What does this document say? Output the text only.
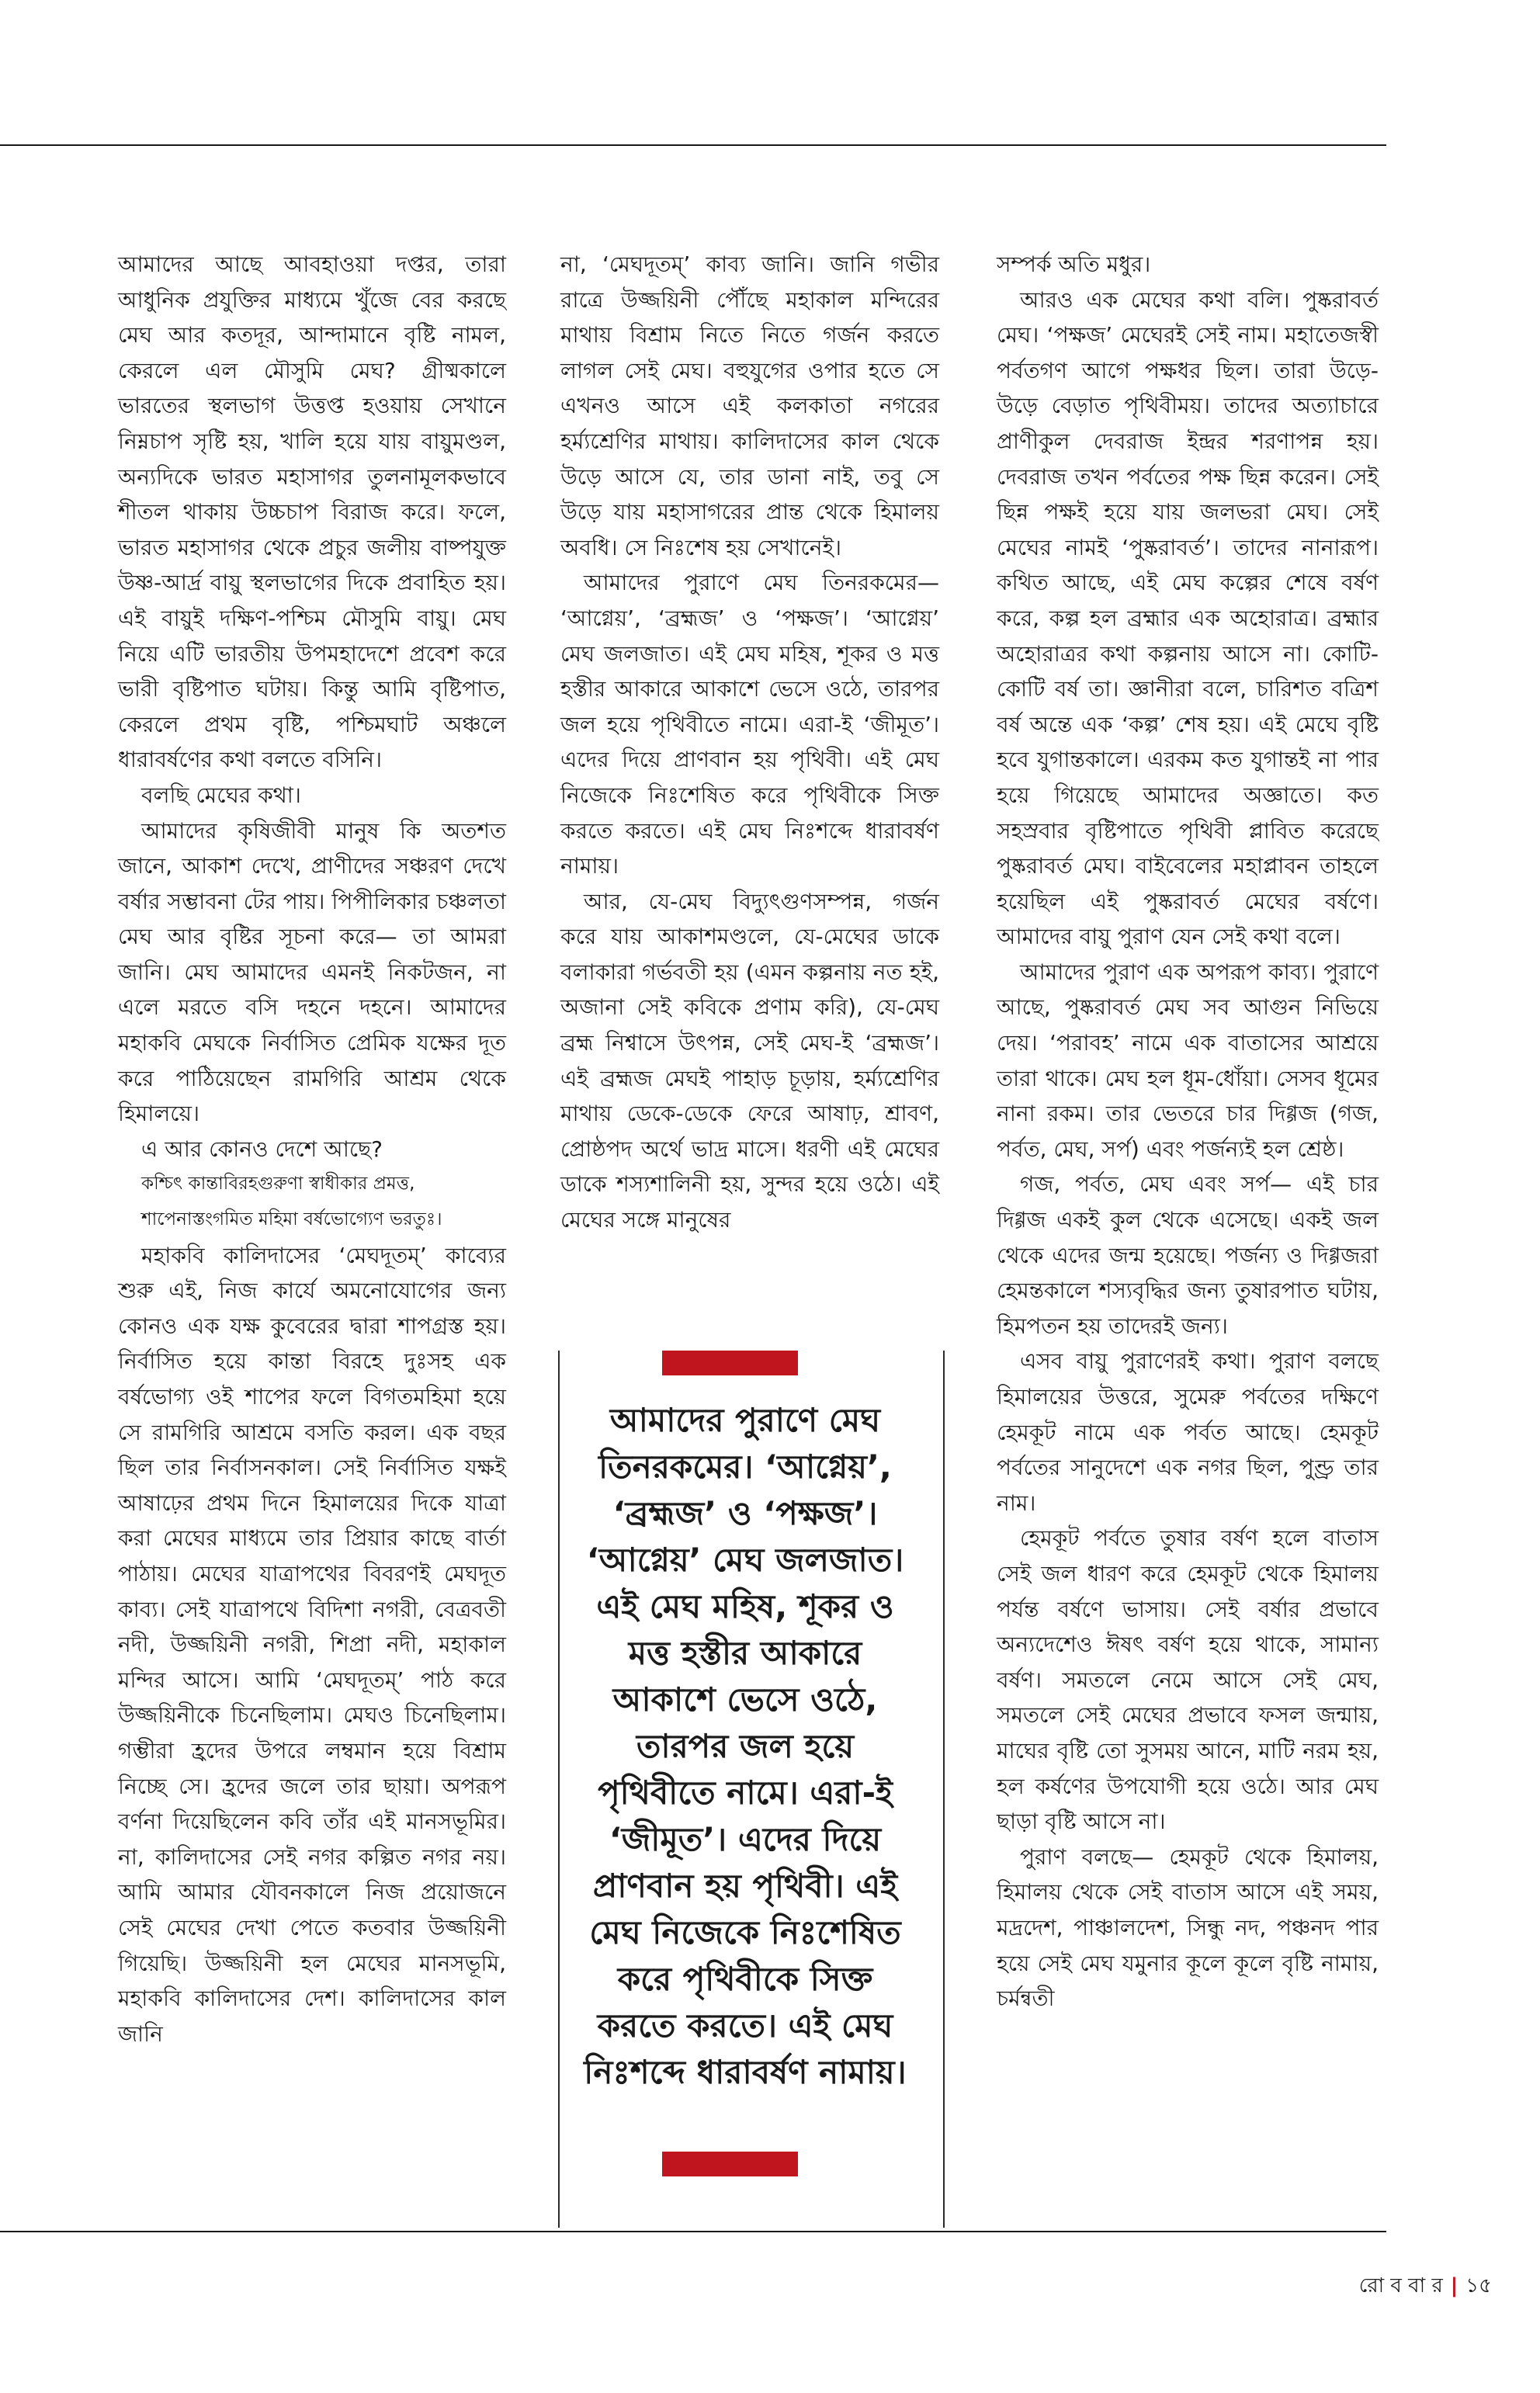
আমাদের আছে আবহাওয়া দপ্তর, তারা আধুনিক প্রযুক্তির মাধ্যমে খুঁজে বের করছে মেঘ আর কতদূর, আন্দামানে বৃষ্টি নামল, কেরলে এল মৌসুমি মেঘ? গ্রীষ্মকালে ভারতের স্থলভাগ উত্তপ্ত হওয়ায় সেখানে নিম্নচাপ সৃষ্টি হয়, খালি হয়ে যায় বায়ুমণ্ডল, অন্যদিকে ভারত মহাসাগর তুলনামূলকভাবে শীতল থাকায় উচ্চচাপ বিরাজ করে। ফলে, ভারত মহাসাগর থেকে প্রচুর জলীয় বাষ্পযুক্ত উষ্ণ-আর্দ্র বায়ু স্থলভাগের দিকে প্রবাহিত হয়। এই বায়ুই দক্ষিণ-পশ্চিম মৌসুমি বায়ু। মেঘ নিয়ে এটি ভারতীয় উপমহাদেশে প্রবেশ করে ভারী বৃষ্টিপাত ঘটায়। কিন্তু আমি বৃষ্টিপাত, কেরলে প্রথম বৃষ্টি, পশ্চিমঘাট অঞ্চলে ধারাবর্ষণের কথা বলতে বসিনি।

বলছি মেঘের কথা।

আমাদের কৃষিজীবী মানুষ কি অতশত জানে, আকাশ দেখে, প্রাণীদের সঞ্চরণ দেখে বর্ষার সম্ভাবনা টের পায়। পিপীলিকার চঞ্চলতা মেঘ আর বৃষ্টির সূচনা করে— তা আমরা জানি। মেঘ আমাদের এমনই নিকটজন, না এলে মরতে বসি দহনে দহনে। আমাদের মহাকবি মেঘকে নির্বাসিত প্রেমিক যক্ষের দূত করে পাঠিয়েছেন রামগিরি আশ্রম থেকে হিমালয়ে।

এ আর কোনও দেশে আছে?

কশ্চিৎ কান্তাবিরহগুরুণা স্বাধীকার প্রমত্ত,

শাপেনাস্তংগমিত মহিমা বর্ষভোগ্যেণ ভরতুঃ।

মহাকবি কালিদাসের ‘মেঘদূতম্’ কাব্যের শুরু এই, নিজ কার্যে অমনোযোগের জন্য কোনও এক যক্ষ কুবেরের দ্বারা শাপগ্রস্ত হয়। নির্বাসিত হয়ে কান্তা বিরহে দুঃসহ এক বর্ষভোগ্য ওই শাপের ফলে বিগতমহিমা হয়ে সে রামগিরি আশ্রমে বসতি করল। এক বছর ছিল তার নির্বাসনকাল। সেই নির্বাসিত যক্ষই আষাঢ়ের প্রথম দিনে হিমালয়ের দিকে যাত্রা করা মেঘের মাধ্যমে তার প্রিয়ার কাছে বার্তা পাঠায়। মেঘের যাত্রাপথের বিবরণই মেঘদূত কাব্য। সেই যাত্রাপথে বিদিশা নগরী, বেত্রবতী নদী, উজ্জয়িনী নগরী, শিপ্রা নদী, মহাকাল মন্দির আসে। আমি ‘মেঘদূতম্’ পাঠ করে উজ্জয়িনীকে চিনেছিলাম। মেঘও চিনেছিলাম। গম্ভীরা হ্রদের উপরে লম্বমান হয়ে বিশ্রাম নিচ্ছে সে। হ্রদের জলে তার ছায়া। অপরূপ বর্ণনা দিয়েছিলেন কবি তাঁর এই মানসভূমির। না, কালিদাসের সেই নগর কল্পিত নগর নয়। আমি আমার যৌবনকালে নিজ প্রয়োজনে সেই মেঘের দেখা পেতে কতবার উজ্জয়িনী গিয়েছি। উজ্জয়িনী হল মেঘের মানসভূমি, মহাকবি কালিদাসের দেশ। কালিদাসের কাল জানি

না, ‘মেঘদূতম্’ কাব্য জানি। জানি গভীর রাত্রে উজ্জয়িনী পৌঁছে মহাকাল মন্দিরের মাথায় বিশ্রাম নিতে নিতে গর্জন করতে লাগল সেই মেঘ। বহুযুগের ওপার হতে সে এখনও আসে এই কলকাতা নগরের হর্ম্যশ্রেণির মাথায়। কালিদাসের কাল থেকে উড়ে আসে যে, তার ডানা নাই, তবু সে উড়ে যায় মহাসাগরের প্রান্ত থেকে হিমালয় অবধি। সে নিঃশেষ হয় সেখানেই।

আমাদের পুরাণে মেঘ তিনরকমের— ‘আগ্নেয়’, ‘ব্রহ্মজ’ ও ‘পক্ষজ’। ‘আগ্নেয়’ মেঘ জলজাত। এই মেঘ মহিষ, শূকর ও মত্ত হস্তীর আকারে আকাশে ভেসে ওঠে, তারপর জল হয়ে পৃথিবীতে নামে। এরা-ই ‘জীমূত’। এদের দিয়ে প্রাণবান হয় পৃথিবী। এই মেঘ নিজেকে নিঃশেষিত করে পৃথিবীকে সিক্ত করতে করতে। এই মেঘ নিঃশব্দে ধারাবর্ষণ নামায়।

আর, যে-মেঘ বিদ্যুৎগুণসম্পন্ন, গর্জন করে যায় আকাশমণ্ডলে, যে-মেঘের ডাকে বলাকারা গর্ভবতী হয় (এমন কল্পনায় নত হই, অজানা সেই কবিকে প্রণাম করি), যে-মেঘ ব্রহ্ম নিশ্বাসে উৎপন্ন, সেই মেঘ-ই ‘ব্রহ্মজ’। এই ব্রহ্মজ মেঘই পাহাড় চূড়ায়, হর্ম্যশ্রেণির মাথায় ডেকে-ডেকে ফেরে আষাঢ়, শ্রাবণ, প্রোষ্ঠপদ অর্থে ভাদ্র মাসে। ধরণী এই মেঘের ডাকে শস্যশালিনী হয়, সুন্দর হয়ে ওঠে। এই মেঘের সঙ্গে মানুষের

আমাদের পুরাণে মেঘ তিনরকমের। ‘আগ্নেয়’, ‘ব্রহ্মজ’ ও ‘পক্ষজ’। ‘আগ্নেয়’ মেঘ জলজাত। এই মেঘ মহিষ, শূকর ও মত্ত হস্তীর আকারে আকাশে ভেসে ওঠে, তারপর জল হয়ে পৃথিবীতে নামে। এরা-ই ‘জীমূত’। এদের দিয়ে প্রাণবান হয় পৃথিবী। এই মেঘ নিজেকে নিঃশেষিত করে পৃথিবীকে সিক্ত করতে করতে। এই মেঘ নিঃশব্দে ধারাবর্ষণ নামায়।

সম্পর্ক অতি মধুর।

আরও এক মেঘের কথা বলি। পুষ্করাবর্ত মেঘ। ‘পক্ষজ’ মেঘেরই সেই নাম। মহাতেজস্বী পর্বতগণ আগে পক্ষধর ছিল। তারা উড়ে-উড়ে বেড়াত পৃথিবীময়। তাদের অত্যাচারে প্রাণীকুল দেবরাজ ইন্দ্রর শরণাপন্ন হয়। দেবরাজ তখন পর্বতের পক্ষ ছিন্ন করেন। সেই ছিন্ন পক্ষই হয়ে যায় জলভরা মেঘ। সেই মেঘের নামই ‘পুষ্করাবর্ত’। তাদের নানারূপ। কথিত আছে, এই মেঘ কল্পের শেষে বর্ষণ করে, কল্প হল ব্রহ্মার এক অহোরাত্র। ব্রহ্মার অহোরাত্রর কথা কল্পনায় আসে না। কোটি-কোটি বর্ষ তা। জ্ঞানীরা বলে, চারিশত বত্রিশ বর্ষ অন্তে এক ‘কল্প’ শেষ হয়। এই মেঘে বৃষ্টি হবে যুগান্তকালে। এরকম কত যুগান্তই না পার হয়ে গিয়েছে আমাদের অজ্ঞাতে। কত সহস্রবার বৃষ্টিপাতে পৃথিবী প্লাবিত করেছে পুষ্করাবর্ত মেঘ। বাইবেলের মহাপ্লাবন তাহলে হয়েছিল এই পুষ্করাবর্ত মেঘের বর্ষণে। আমাদের বায়ু পুরাণ যেন সেই কথা বলে।

আমাদের পুরাণ এক অপরূপ কাব্য। পুরাণে আছে, পুষ্করাবর্ত মেঘ সব আগুন নিভিয়ে দেয়। ‘পরাবহ’ নামে এক বাতাসের আশ্রয়ে তারা থাকে। মেঘ হল ধূম-ধোঁয়া। সেসব ধূমের নানা রকম। তার ভেতরে চার দিগ্গজ (গজ, পর্বত, মেঘ, সর্প) এবং পর্জন্যই হল শ্রেষ্ঠ।

গজ, পর্বত, মেঘ এবং সর্প— এই চার দিগ্গজ একই কুল থেকে এসেছে। একই জল থেকে এদের জন্ম হয়েছে। পর্জন্য ও দিগ্গজরা হেমন্তকালে শস্যবৃদ্ধির জন্য তুষারপাত ঘটায়, হিমপতন হয় তাদেরই জন্য।

এসব বায়ু পুরাণেরই কথা। পুরাণ বলছে হিমালয়ের উত্তরে, সুমেরু পর্বতের দক্ষিণে হেমকূট নামে এক পর্বত আছে। হেমকূট পর্বতের সানুদেশে এক নগর ছিল, পুণ্ড্র তার নাম।

হেমকূট পর্বতে তুষার বর্ষণ হলে বাতাস সেই জল ধারণ করে হেমকূট থেকে হিমালয় পর্যন্ত বর্ষণে ভাসায়। সেই বর্ষার প্রভাবে অন্যদেশেও ঈষৎ বর্ষণ হয়ে থাকে, সামান্য বর্ষণ। সমতলে নেমে আসে সেই মেঘ, সমতলে সেই মেঘের প্রভাবে ফসল জন্মায়, মাঘের বৃষ্টি তো সুসময় আনে, মাটি নরম হয়, হল কর্ষণের উপযোগী হয়ে ওঠে। আর মেঘ ছাড়া বৃষ্টি আসে না।

পুরাণ বলছে— হেমকূট থেকে হিমালয়, হিমালয় থেকে সেই বাতাস আসে এই সময়, মদ্রদেশ, পাঞ্চালদেশ, সিন্ধু নদ, পঞ্চনদ পার হয়ে সেই মেঘ যমুনার কূলে কূলে বৃষ্টি নামায়, চর্মন্বতী

রো ব বা র | ১৫
